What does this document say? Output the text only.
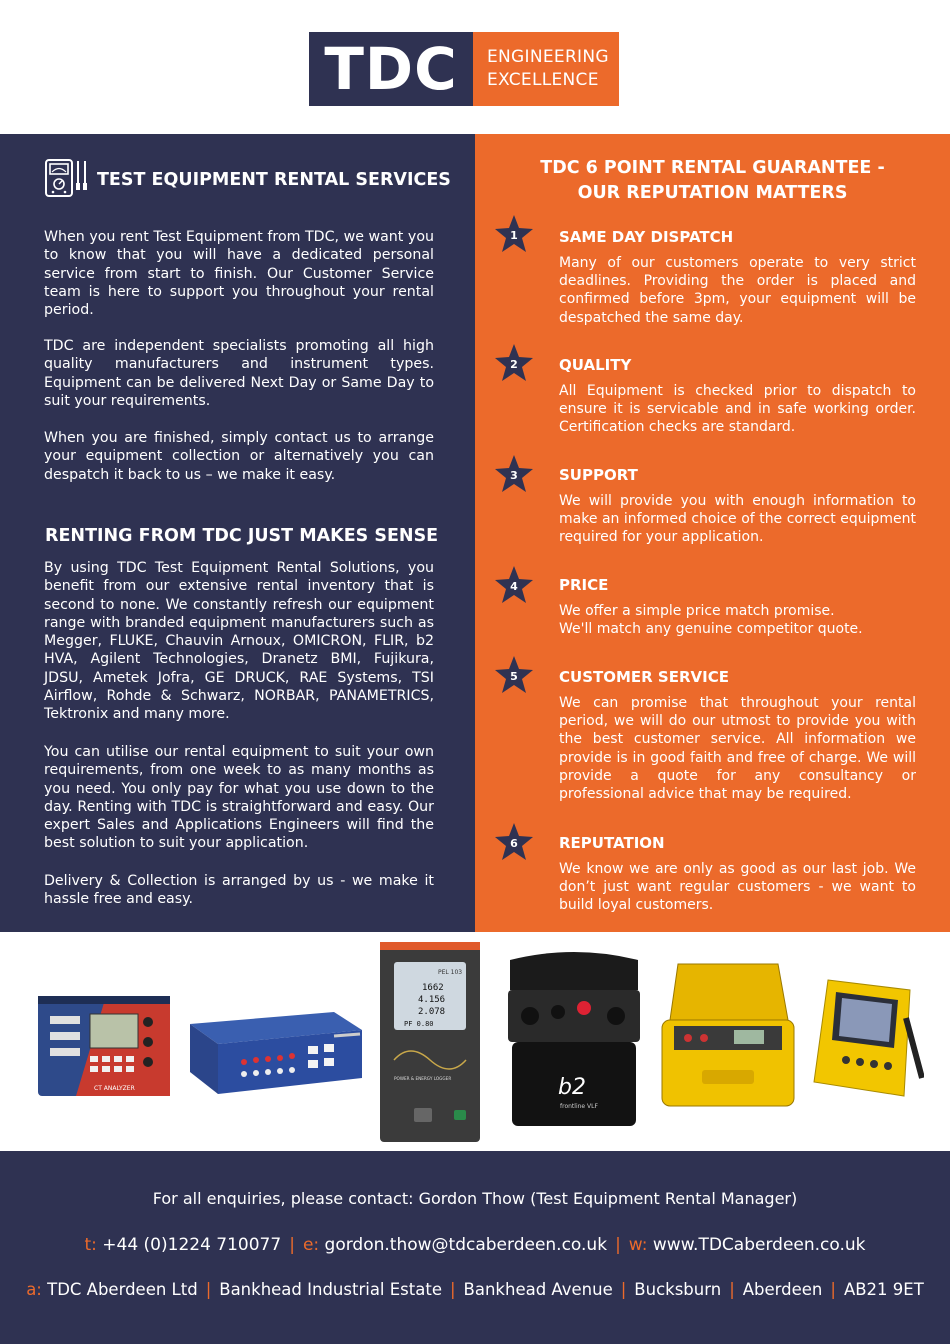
TDC	ENGINEERING
EXCELLENCE
TEST EQUIPMENT RENTAL SERVICES
When you rent Test Equipment from TDC, we want you to know that you will have a dedicated personal service from start to finish. Our Customer Service team is here to support you throughout your rental period.
TDC are independent specialists promoting all high quality manufacturers and instrument types. Equipment can be delivered Next Day or Same Day to suit your requirements.
When you are finished, simply contact us to arrange your equipment collection or alternatively you can despatch it back to us – we make it easy.
RENTING FROM TDC JUST MAKES SENSE
By using TDC Test Equipment Rental Solutions, you benefit from our extensive rental inventory that is second to none. We constantly refresh our equipment range with branded equipment manufacturers such as Megger, FLUKE, Chauvin Arnoux, OMICRON, FLIR, b2 HVA, Agilent Technologies, Dranetz BMI, Fujikura, JDSU, Ametek Jofra, GE DRUCK, RAE Systems, TSI Airflow, Rohde & Schwarz, NORBAR, PANAMETRICS, Tektronix and many more.
You can utilise our rental equipment to suit your own requirements, from one week to as many months as you need. You only pay for what you use down to the day. Renting with TDC is straightforward and easy. Our expert Sales and Applications Engineers will find the best solution to suit your application.
Delivery & Collection is arranged by us - we make it hassle free and easy.
TDC 6 POINT RENTAL GUARANTEE -
OUR REPUTATION MATTERS
1	SAME DAY DISPATCH
Many of our customers operate to very strict deadlines. Providing the order is placed and confirmed before 3pm, your equipment will be despatched the same day.
2	QUALITY
All Equipment is checked prior to dispatch to ensure it is servicable and in safe working order. Certification checks are standard.
3	SUPPORT
We will provide you with enough information to make an informed choice of the correct equipment required for your application.
4	PRICE
We offer a simple price match promise.
We'll match any genuine competitor quote.
5	CUSTOMER SERVICE
We can promise that throughout your rental period, we will do our utmost to provide you with the best customer service. All information we provide is in good faith and free of charge. We will provide a quote for any consultancy or professional advice that may be required.
6	REPUTATION
We know we are only as good as our last job. We don’t just want regular customers - we want to build loyal customers.
CT ANALYZER
PEL 103
1662
4.156
2.078
PF 0.80
POWER & ENERGY LOGGER	b2
frontline VLF
For all enquiries, please contact: Gordon Thow (Test Equipment Rental Manager)
t: +44 (0)1224 710077 | e: gordon.thow@tdcaberdeen.co.uk | w: www.TDCaberdeen.co.uk
a: TDC Aberdeen Ltd | Bankhead Industrial Estate | Bankhead Avenue | Bucksburn | Aberdeen | AB21 9ET
